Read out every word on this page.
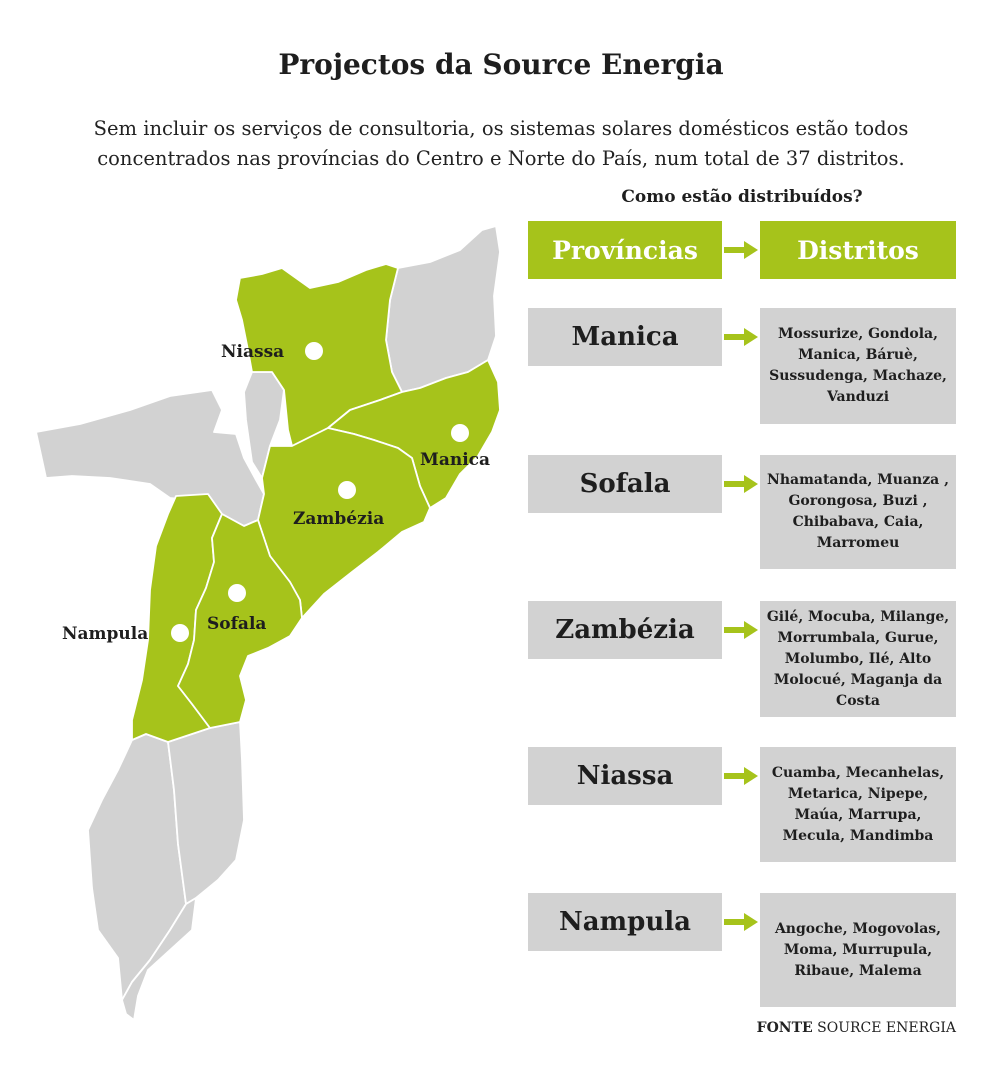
Projectos da Source Energia
Sem incluir os serviços de consultoria, os sistemas solares domésticos estão todos concentrados nas províncias do Centro e Norte do País, num total de 37 distritos.
Niassa
Manica
Zambézia
Nampula	Sofala
Como estão distribuídos?
Províncias	Distritos
Manica	Mossurize, Gondola, Manica, Báruè, Sussudenga, Machaze, Vanduzi
Sofala	Nhamatanda, Muanza , Gorongosa, Buzi , Chibabava, Caia, Marromeu
Zambézia	Gilé, Mocuba, Milange, Morrumbala, Gurue, Molumbo, Ilé, Alto Molocué, Maganja da Costa
Niassa	Cuamba, Mecanhelas, Metarica, Nipepe, Maúa, Marrupa, Mecula, Mandimba
Nampula	Angoche, Mogovolas, Moma, Murrupula, Ribaue, Malema
FONTE SOURCE ENERGIA
